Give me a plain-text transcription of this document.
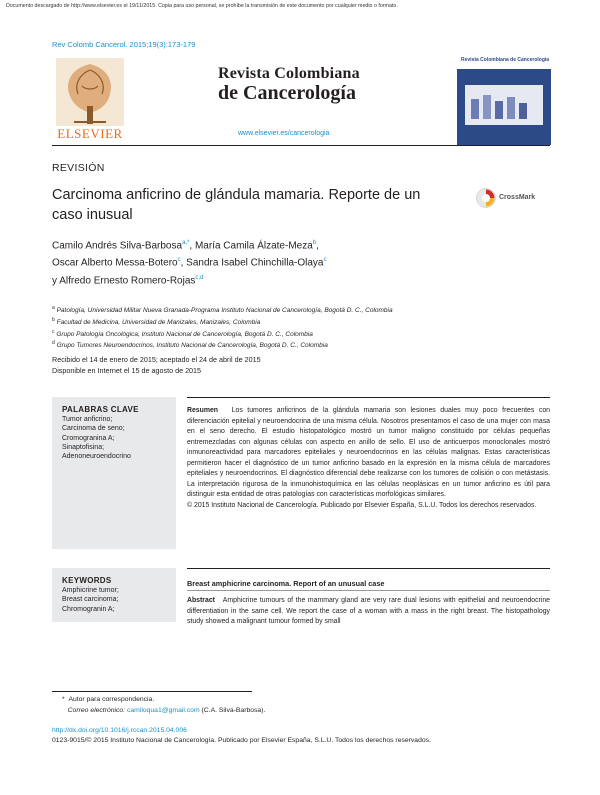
Documento descargado de http://www.elsevier.es el 19/11/2015. Copia para uso personal, se prohíbe la transmisión de este documento por cualquier medio o formato.
Rev Colomb Cancerol. 2015;19(3):173-179
ELSEVIER
Revista Colombiana
de Cancerología
www.elsevier.es/cancerologia
Revista Colombiana de Cancerología
REVISIÓN
Carcinoma anficrino de glándula mamaria. Reporte de un caso inusual
CrossMark
Camilo Andrés Silva-Barbosa$^{a,*}$, María Camila Álzate-Meza$^b$,
Oscar Alberto Messa-Botero$^c$, Sandra Isabel Chinchilla-Olaya$^c$
y Alfredo Ernesto Romero-Rojas$^{c,d}$
$^a$ Patología, Universidad Militar Nueva Granada-Programa Instituto Nacional de Cancerología, Bogotá D. C., Colombia
$^b$ Facultad de Medicina, Universidad de Manizales, Manizales, Colombia
$^c$ Grupo Patología Oncológica, Instituto Nacional de Cancerología, Bogotá D. C., Colombia
$^d$ Grupo Tumores Neuroendocrinos, Instituto Nacional de Cancerología, Bogotá D. C., Colombia
Recibido el 14 de enero de 2015; aceptado el 24 de abril de 2015
Disponible en Internet el 15 de agosto de 2015
PALABRAS CLAVE
Tumor anficrino;
Carcinoma de seno;
Cromogranina A;
Sinaptofisina;
Adenoneuroendocrino
Resumen Los tumores anficrinos de la glándula mamaria son lesiones duales muy poco frecuentes con diferenciación epitelial y neuroendocrina de una misma célula. Nosotros presentamos el caso de una mujer con masa en el seno derecho. El estudio histopatológico mostró un tumor maligno constituido por células pequeñas entremezcladas con algunas células con aspecto en anillo de sello. El uso de anticuerpos monoclonales mostró inmunoreactividad para marcadores epiteliales y neuroendocrinos en las células malignas. Estas características permitieron hacer el diagnóstico de un tumor anficrino basado en la expresión en la misma célula de marcadores epiteliales y neuroendocrinos. El diagnóstico diferencial debe realizarse con los tumores de colisión o con metástasis. La interpretación rigurosa de la inmunohistoquímica en las células neoplásicas en un tumor anficrino es útil para distinguir esta entidad de otras patologías con características morfológicas similares.
© 2015 Instituto Nacional de Cancerología. Publicado por Elsevier España, S.L.U. Todos los derechos reservados.
KEYWORDS
Amphicrine tumor;
Breast carcinoma;
Chromogranin A;
Breast amphicrine carcinoma. Report of an unusual case
Abstract Amphicrine tumours of the mammary gland are very rare dual lesions with epithelial and neuroendocrine differentiation in the same cell. We report the case of a woman with a mass in the right breast. The histopathology study showed a malignant tumour formed by small
* Autor para correspondencia.
Correo electrónico: camiloqua1@gmail.com (C.A. Silva-Barbosa).
http://dx.doi.org/10.1016/j.rccan.2015.04.006
0123-9015/© 2015 Instituto Nacional de Cancerología. Publicado por Elsevier España, S.L.U. Todos los derechos reservados.
